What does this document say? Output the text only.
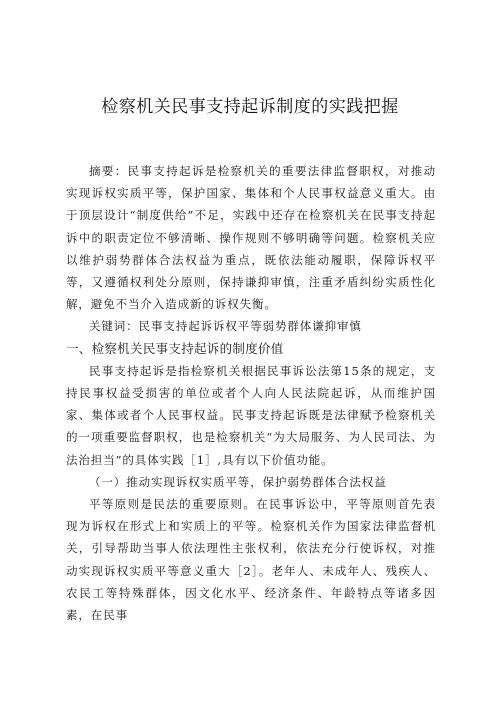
检察机关民事支持起诉制度的实践把握

摘要：民事支持起诉是检察机关的重要法律监督职权，对推动实现诉权实质平等，保护国家、集体和个人民事权益意义重大。由于顶层设计“制度供给”不足，实践中还存在检察机关在民事支持起诉中的职责定位不够清晰、操作规则不够明确等问题。检察机关应以维护弱势群体合法权益为重点，既依法能动履职，保障诉权平等，又遵循权利处分原则，保持谦抑审慎，注重矛盾纠纷实质性化解，避免不当介入造成新的诉权失衡。

关键词：民事支持起诉诉权平等弱势群体谦抑审慎

一、检察机关民事支持起诉的制度价值

民事支持起诉是指检察机关根据民事诉讼法第15条的规定，支持民事权益受损害的单位或者个人向人民法院起诉，从而维护国家、集体或者个人民事权益。民事支持起诉既是法律赋予检察机关的一项重要监督职权，也是检察机关“为大局服务、为人民司法、为法治担当”的具体实践［1］,具有以下价值功能。

（一）推动实现诉权实质平等，保护弱势群体合法权益

平等原则是民法的重要原则。在民事诉讼中，平等原则首先表现为诉权在形式上和实质上的平等。检察机关作为国家法律监督机关，引导帮助当事人依法理性主张权利，依法充分行使诉权，对推动实现诉权实质平等意义重大［2］。老年人、未成年人、残疾人、农民工等特殊群体，因文化水平、经济条件、年龄特点等诸多因素，在民事
